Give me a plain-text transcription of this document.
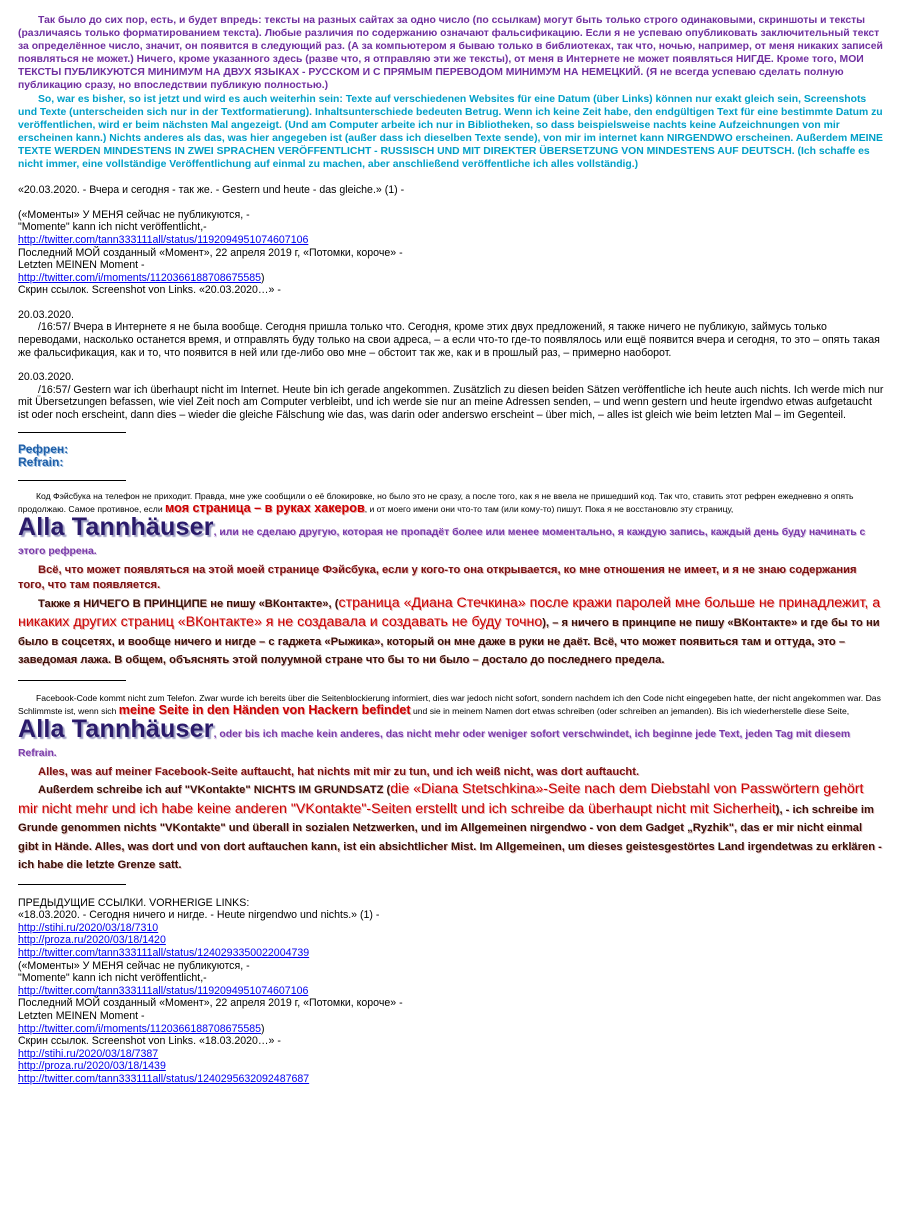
Так было до сих пор, есть, и будет впредь: тексты на разных сайтах за одно число (по ссылкам) могут быть только строго одинаковыми, скриншоты и тексты (различаясь только форматированием текста). Любые различия по содержанию означают фальсификацию. Если я не успеваю опубликовать заключительный текст за определённое число, значит, он появится в следующий раз. (А за компьютером я бываю только в библиотеках, так что, ночью, например, от меня никаких записей появляться не может.) Ничего, кроме указанного здесь (разве что, я отправляю эти же тексты), от меня в Интернете не может появляться НИГДЕ. Кроме того, МОИ ТЕКСТЫ ПУБЛИКУЮТСЯ МИНИМУМ НА ДВУХ ЯЗЫКАХ - РУССКОМ И С ПРЯМЫМ ПЕРЕВОДОМ МИНИМУМ НА НЕМЕЦКИЙ. (Я не всегда успеваю сделать полную публикацию сразу, но впоследствии публикую полностью.)

So, war es bisher, so ist jetzt und wird es auch weiterhin sein: Texte auf verschiedenen Websites für eine Datum (über Links) können nur exakt gleich sein, Screenshots und Texte (unterscheiden sich nur in der Textformatierung). Inhaltsunterschiede bedeuten Betrug. Wenn ich keine Zeit habe, den endgültigen Text für eine bestimmte Datum zu veröffentlichen, wird er beim nächsten Mal angezeigt. (Und am Computer arbeite ich nur in Bibliotheken, so dass beispielsweise nachts keine Aufzeichnungen von mir erscheinen kann.) Nichts anderes als das, was hier angegeben ist (außer dass ich dieselben Texte sende), von mir im internet kann NIRGENDWO erscheinen. Außerdem MEINE TEXTE WERDEN MINDESTENS IN ZWEI SPRACHEN VERÖFFENTLICHT - RUSSISCH UND MIT DIREKTER ÜBERSETZUNG VON MINDESTENS AUF DEUTSCH. (Ich schaffe es nicht immer, eine vollständige Veröffentlichung auf einmal zu machen, aber anschließend veröffentliche ich alles vollständig.)

«20.03.2020. - Вчера и сегодня - так же. - Gestern und heute - das gleiche.» (1) -

(«Моменты» У МЕНЯ сейчас не публикуются, -

"Momente" kann ich nicht veröffentlicht,-

http://twitter.com/tann333111all/status/1192094951074607106

Последний МОЙ созданный «Момент», 22 апреля 2019 г, «Потомки, короче» -

Letzten MEINEN Moment -

http://twitter.com/i/moments/1120366188708675585)

Скрин ссылок. Screenshot von Links. «20.03.2020…» -

20.03.2020.

/16:57/ Вчера в Интернете я не была вообще. Сегодня пришла только что. Сегодня, кроме этих двух предложений, я также ничего не публикую, займусь только переводами, насколько останется время, и отправлять буду только на свои адреса, – а если что-то где-то появлялось или ещё появится вчера и сегодня, то это – опять такая же фальсификация, как и то, что появится в ней или где-либо ово мне – обстоит так же, как и в прошлый раз, – примерно наоборот.

20.03.2020.

/16:57/ Gestern war ich überhaupt nicht im Internet. Heute bin ich gerade angekommen. Zusätzlich zu diesen beiden Sätzen veröffentliche ich heute auch nichts. Ich werde mich nur mit Übersetzungen befassen, wie viel Zeit noch am Computer verbleibt, und ich werde sie nur an meine Adressen senden, – und wenn gestern und heute irgendwo etwas aufgetaucht ist oder noch erscheint, dann dies – wieder die gleiche Fälschung wie das, was darin oder anderswo erscheint – über mich, – alles ist gleich wie beim letzten Mal – im Gegenteil.

Рефрен:

Refrain:

Код Фэйсбука на телефон не приходит. Правда, мне уже сообщили о её блокировке, но было это не сразу, а после того, как я не ввела не пришедший код. Так что, ставить этот рефрен ежедневно я опять продолжаю. Самое противное, если моя страница – в руках хакеров, и от моего имени они что-то там (или кому-то) пишут. Пока я не восстановлю эту страницу,

Alla Tannhäuser, или не сделаю другую, которая не пропадёт более или менее моментально, я каждую запись, каждый день буду начинать с этого рефрена.

Всё, что может появляться на этой моей странице Фэйсбука, если у кого-то она открывается, ко мне отношения не имеет, и я не знаю содержания того, что там появляется.

Также я НИЧЕГО В ПРИНЦИПЕ не пишу «ВКонтакте», (страница «Диана Стечкина» после кражи паролей мне больше не принадлежит, а никаких других страниц «ВКонтакте» я не создавала и создавать не буду точно), – я ничего в принципе не пишу «ВКонтакте» и где бы то ни было в соцсетях, и вообще ничего и нигде – с гаджета «Рыжика», который он мне даже в руки не даёт. Всё, что может появиться там и оттуда, это – заведомая лажа. В общем, объяснять этой полуумной стране что бы то ни было – достало до последнего предела.

Facebook-Code kommt nicht zum Telefon. Zwar wurde ich bereits über die Seitenblockierung informiert, dies war jedoch nicht sofort, sondern nachdem ich den Code nicht eingegeben hatte, der nicht angekommen war. Das Schlimmste ist, wenn sich meine Seite in den Händen von Hackern befindet und sie in meinem Namen dort etwas schreiben (oder schreiben an jemanden). Bis ich wiederherstelle diese Seite,

Alla Tannhäuser, oder bis ich mache kein anderes, das nicht mehr oder weniger sofort verschwindet, ich beginne jede Text, jeden Tag mit diesem Refrain.

Alles, was auf meiner Facebook-Seite auftaucht, hat nichts mit mir zu tun, und ich weiß nicht, was dort auftaucht.

Außerdem schreibe ich auf "VKontakte" NICHTS IM GRUNDSATZ (die «Diana Stetschkina»-Seite nach dem Diebstahl von Passwörtern gehört mir nicht mehr und ich habe keine anderen "VKontakte"-Seiten erstellt und ich schreibe da überhaupt nicht mit Sicherheit), - ich schreibe im Grunde genommen nichts "VKontakte" und überall in sozialen Netzwerken, und im Allgemeinen nirgendwo - von dem Gadget „Ryzhik", das er mir nicht einmal gibt in Hände. Alles, was dort und von dort auftauchen kann, ist ein absichtlicher Mist. Im Allgemeinen, um dieses geistesgestörtes Land irgendetwas zu erklären - ich habe die letzte Grenze satt.

ПРЕДЫДУЩИЕ ССЫЛКИ. VORHERIGE LINKS:

«18.03.2020. - Сегодня ничего и нигде. - Heute nirgendwo und nichts.» (1) -

http://stihi.ru/2020/03/18/7310
http://proza.ru/2020/03/18/1420
http://twitter.com/tann333111all/status/1240293350022004739

(«Моменты» У МЕНЯ сейчас не публикуются, -

"Momente" kann ich nicht veröffentlicht,-

http://twitter.com/tann333111all/status/1192094951074607106

Последний МОЙ созданный «Момент», 22 апреля 2019 г, «Потомки, короче» -

Letzten MEINEN Moment -

http://twitter.com/i/moments/1120366188708675585)

Скрин ссылок. Screenshot von Links. «18.03.2020…» -

http://stihi.ru/2020/03/18/7387
http://proza.ru/2020/03/18/1439
http://twitter.com/tann333111all/status/1240295632092487687
